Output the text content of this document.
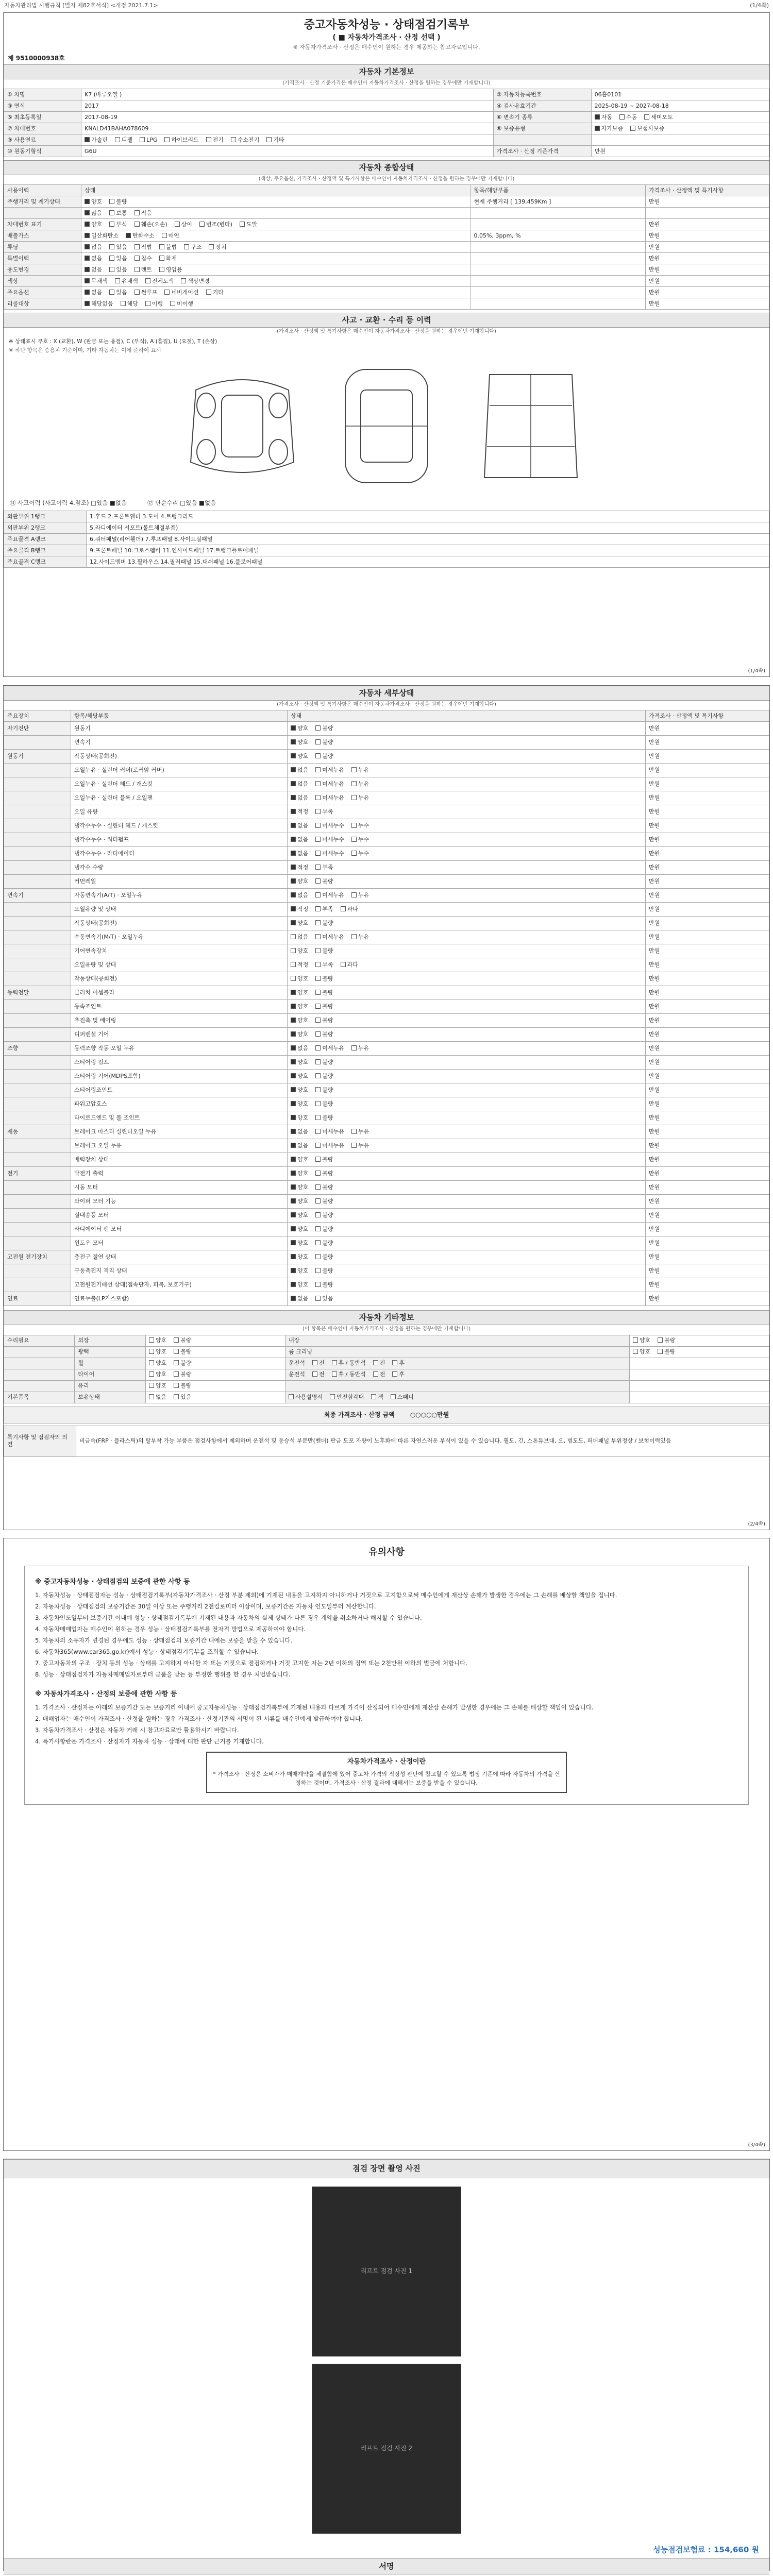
자동차관리법 시행규칙 [별지 제82호서식] <개정 2021.7.1>	(1/4쪽)
중고자동차성능 · 상태점검기록부
( ■ 자동차가격조사 · 산정 선택 )
※ 자동차가격조사 · 산정은 매수인이 원하는 경우 제공하는 참고자료입니다.
제 9510000938호
자동차 기본정보
(가격조사 · 산정 기준가격은 매수인이 자동차가격조사 · 산정을 원하는 경우에만 기재합니다)
① 차명	K7 (바루오엘 )	② 자동차등록번호	06홉0101
③ 연식	2017	④ 검사유효기간	2025-08-19 ~ 2027-08-18
⑤ 최초등록일	2017-08-19	⑥ 변속기 종류	자동 수동 세미오토
⑦ 차대번호	KNALD41BAHA078609	⑧ 보증유형	자가보증 보험사보증
⑨ 사용연료	가솔린 디젤 LPG 하이브리드 전기 수소전기 기타		
⑩ 원동기형식	G6U	가격조사 · 산정 기준가격	만원
자동차 종합상태
(색상, 주요옵션, 가격조사 · 산정액 및 특기사항은 매수인이 자동차가격조사 · 산정을 원하는 경우에만 기재합니다)
사용이력	상태	항목/해당부품	가격조사 · 산정액 및 특기사항
주행거리 및 계기상태	양호 불량	현재 주행거리 [ 139,459Km ]	만원
	많음 보통 적음		
차대번호 표기	양호 부식 훼손(오손) 상이 변조(변타) 도말		만원
배출가스	일산화탄소 탄화수소 매연	0.05%, 3ppm, %	만원
튜닝	없음 있음 적법 불법 구조 장치		만원
특별이력	없음 있음 침수 화재		만원
용도변경	없음 있음 렌트 영업용		만원
색상	무채색 유채색 전체도색 색상변경		만원
주요옵션	없음 있음 썬루프 네비게이션 기타		만원
리콜대상	해당없음 해당 이행 미이행		만원
사고 · 교환 · 수리 등 이력
(가격조사 · 산정액 및 특기사항은 매수인이 자동차가격조사 · 산정을 원하는 경우에만 기재합니다)
※ 상태표시 부호 : X (교환), W (판금 또는 용접), C (부식), A (흠집), U (요철), T (손상)
※ 하단 항목은 승용차 기준이며, 기타 자동차는 이에 준하여 표시
⑪ 사고이력 (사고이력 4.참조) □있음 ■없음	⑫ 단순수리 □있음 ■없음
외판부위 1랭크	1.후드 2.프론트휀더 3.도어 4.트렁크리드
외판부위 2랭크	5.라디에이터 서포트(볼트체결부품)
주요골격 A랭크	6.쿼터패널(리어휀더) 7.루프패널 8.사이드실패널
주요골격 B랭크	9.프론트패널 10.크로스멤버 11.인사이드패널 17.트렁크플로어패널
주요골격 C랭크	12.사이드멤버 13.휠하우스 14.필러패널 15.대쉬패널 16.플로어패널
(1/4쪽)
자동차 세부상태
(가격조사 · 산정액 및 특기사항은 매수인이 자동차가격조사 · 산정을 원하는 경우에만 기재합니다)
주요장치	항목/해당부품	상태	가격조사 · 산정액 및 특기사항
자기진단	원동기	양호 불량	만원
	변속기	양호 불량	만원
원동기	작동상태(공회전)	양호 불량	만원
	오일누유 · 실린더 커버(로커암 커버)	없음 미세누유 누유	만원
	오일누유 · 실린더 헤드 / 개스킷	없음 미세누유 누유	만원
	오일누유 · 실린더 블록 / 오일팬	없음 미세누유 누유	만원
	오일 유량	적정 부족	만원
	냉각수누수 · 실린더 헤드 / 개스킷	없음 미세누수 누수	만원
	냉각수누수 · 워터펌프	없음 미세누수 누수	만원
	냉각수누수 · 라디에이터	없음 미세누수 누수	만원
	냉각수 수량	적정 부족	만원
	커먼레일	양호 불량	만원
변속기	자동변속기(A/T) · 오일누유	없음 미세누유 누유	만원
	오일유량 및 상태	적정 부족 과다	만원
	작동상태(공회전)	양호 불량	만원
	수동변속기(M/T) · 오일누유	없음 미세누유 누유	만원
	기어변속장치	양호 불량	만원
	오일유량 및 상태	적정 부족 과다	만원
	작동상태(공회전)	양호 불량	만원
동력전달	클러치 어셈블리	양호 불량	만원
	등속조인트	양호 불량	만원
	추진축 및 베어링	양호 불량	만원
	디퍼렌셜 기어	양호 불량	만원
조향	동력조향 작동 오일 누유	없음 미세누유 누유	만원
	스티어링 펌프	양호 불량	만원
	스티어링 기어(MDPS포함)	양호 불량	만원
	스티어링조인트	양호 불량	만원
	파워고압호스	양호 불량	만원
	타이로드엔드 및 볼 조인트	양호 불량	만원
제동	브레이크 마스터 실린더오일 누유	없음 미세누유 누유	만원
	브레이크 오일 누유	없음 미세누유 누유	만원
	배력장치 상태	양호 불량	만원
전기	발전기 출력	양호 불량	만원
	시동 모터	양호 불량	만원
	와이퍼 모터 기능	양호 불량	만원
	실내송풍 모터	양호 불량	만원
	라디에이터 팬 모터	양호 불량	만원
	윈도우 모터	양호 불량	만원
고전원 전기장치	충전구 절연 상태	양호 불량	만원
	구동축전지 격리 상태	양호 불량	만원
	고전원전기배선 상태(접속단자, 피복, 보호기구)	양호 불량	만원
연료	연료누출(LP가스포함)	없음 있음	만원
자동차 기타정보
(이 항목은 매수인이 자동차가격조사 · 산정을 원하는 경우에만 기재합니다)
수리필요	외장	양호 불량	내장	양호 불량
	광택	양호 불량	룸 크리닝	양호 불량
	휠	양호 불량	운전석 전 후 / 동반석 전 후	
	타이어	양호 불량	운전석 전 후 / 동반석 전 후	
	유리	양호 불량		
기본품목	보유상태	없음 있음	사용설명서 안전삼각대 잭 스패너	
최종 가격조사 · 산정 금액	○○○○○만원
특기사항 및 점검자의 의견	비금속(FRP · 플라스틱)의 탈부착 가능 부품은 점검사항에서 제외하며 운전석 및 동승석 부분만(벤더) 판금 도포 자량이 노후화에 따른 자연스러운 부식이 있을 수 있습니다. 휠도, 긴, 스톤튜브대, 오, 범도도, 퍼더패널 부위정상 / 보험이력있음
(2/4쪽)
유의사항
※ 중고자동차성능 · 상태점검의 보증에 관한 사항 등

1. 자동차성능 · 상태점검자는 성능 · 상태점검기록부(자동차가격조사 · 산정 부분 제외)에 기재된 내용을 고지하지 아니하거나 거짓으로 고지함으로써 매수인에게 재산상 손해가 발생한 경우에는 그 손해를 배상할 책임을 집니다.

2. 자동차성능 · 상태점검의 보증기간은 30일 이상 또는 주행거리 2천킬로미터 이상이며, 보증기간은 자동차 인도일부터 계산합니다.

3. 자동차인도일부터 보증기간 이내에 성능 · 상태점검기록부에 기재된 내용과 자동차의 실제 상태가 다른 경우 계약을 취소하거나 해지할 수 있습니다.

4. 자동차매매업자는 매수인이 원하는 경우 성능 · 상태점검기록부를 전자적 방법으로 제공하여야 합니다.

5. 자동차의 소유자가 변경된 경우에도 성능 · 상태점검의 보증기간 내에는 보증을 받을 수 있습니다.

6. 자동차365(www.car365.go.kr)에서 성능 · 상태점검기록부를 조회할 수 있습니다.

7. 중고자동차의 구조 · 장치 등의 성능 · 상태를 고지하지 아니한 자 또는 거짓으로 점검하거나 거짓 고지한 자는 2년 이하의 징역 또는 2천만원 이하의 벌금에 처합니다.

8. 성능 · 상태점검자가 자동차매매업자로부터 금품을 받는 등 부정한 행위를 한 경우 처벌받습니다.

※ 자동차가격조사 · 산정의 보증에 관한 사항 등

1. 가격조사 · 산정자는 아래의 보증기간 또는 보증거리 이내에 중고자동차성능 · 상태점검기록부에 기재된 내용과 다르게 가격이 산정되어 매수인에게 재산상 손해가 발생한 경우에는 그 손해를 배상할 책임이 있습니다.

2. 매매업자는 매수인이 가격조사 · 산정을 원하는 경우 가격조사 · 산정기관의 서명이 된 서류를 매수인에게 발급하여야 합니다.

3. 자동차가격조사 · 산정은 자동차 거래 시 참고자료로만 활용하시기 바랍니다.

4. 특기사항란은 가격조사 · 산정자가 자동차 성능 · 상태에 대한 판단 근거를 기재합니다.

자동차가격조사 · 산정이란
* 가격조사 · 산정은 소비자가 매매계약을 체결함에 있어 중고차 가격의 적정성 판단에 참고할 수 있도록 법정 기준에 따라 자동차의 가격을 산정하는 것이며, 가격조사 · 산정 결과에 대해서는 보증을 받을 수 있습니다.
(3/4쪽)
점검 장면 촬영 사진
리프트 점검 사진 1
리프트 점검 사진 2
성능점검보험료 : 154,660 원
서명
